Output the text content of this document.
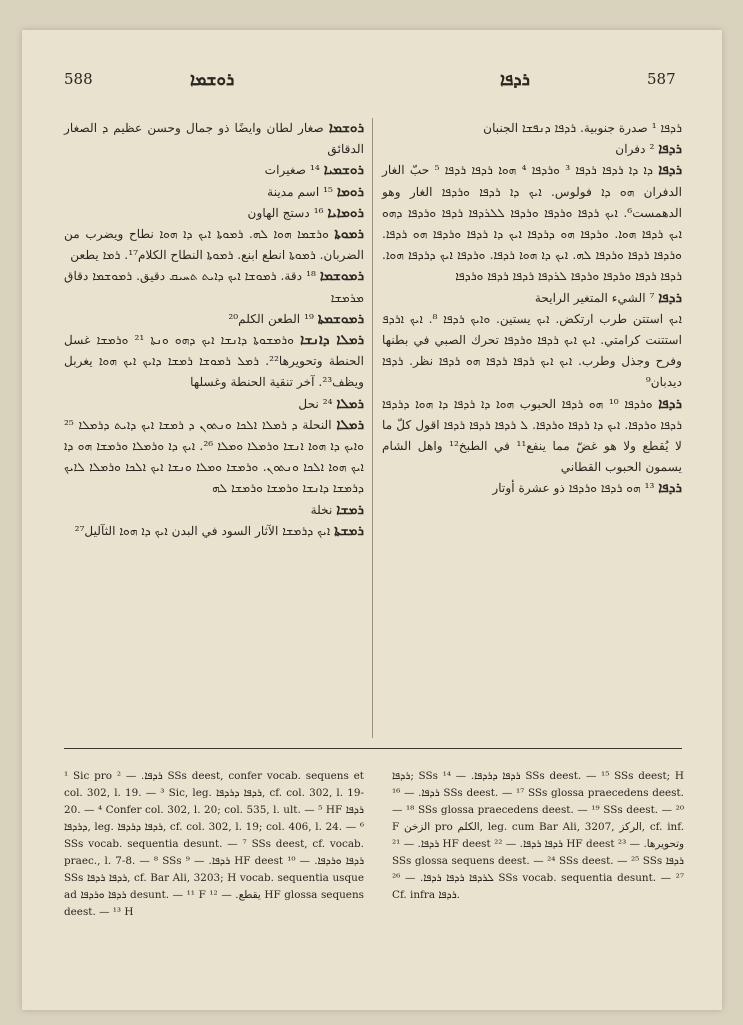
588	ܪܘܫܡܐ	ܪܕܦܐ	587

ܪܘܫܡܐ صغار لطان وايضًا ذو جمال وحسن عظيم ܕ الصغار الدقائق

ܪܘܫܡܝܐ ¹⁴ صغيرات

ܪܘܡܐ ¹⁵ اسم مدينة

ܪܘܡܐܝܐ ¹⁶ دستج الهاون

ܪܡܘܬܐ ܘܪܫܡܐ ܗܘܐ ܠܗ. ܪܡܘܬܐ ܐܝܟ ܕܐ ܗܘܐ نطاح ويضرب من الضربان. ܪܡܘܬܐ انطع ابنع. ܪܡܘܬܐ النطاح الكلام¹⁷. ܪܡܐ يطعن

ܪܡܘܫܡܐ ¹⁸ دقة. ܪܡܘܫܐ ܐܝܟ ܕܐܝܬ ܬܚܝܩ دقيق. ܪܡܘܫܡܐ دقاق ܡܪܡܫܐ

ܪܡܘܫܡܬܐ ¹⁹ الطعن الكلم²⁰

ܪܡܠܐ ܕܐܢܫܐ ܘܪܡܫܘܬܐ ܕܐܢܫܐ ܐܝܟ ܕܗܘ ܘܢܬܐ ²¹ ܘܪܡܫܐ غسل الحنطة وتحويرها²². ܪܡܠ ܪܡܘܫܐ ܪܡܫܐ ܕܐܝܟ ܐܝܟ ܗܘܐ يغربل ويظف²³. آخر تنقية الحنطة وغسلها

ܪܡܠܐ ²⁴ نحل

ܪܡܠܐ النحلة ܕ ܪܡܠܐ ܐܠܟܐ ܘܢܬܘܢ ܕ ܪܡܫܐ ܐܝܟ ܕܐܝܬ ܕܪܡܠܐ ²⁵ ܘܐܝܟ ܕܐ ܗܘܐ ܐܢܫܐ ܘܪܡܠܐ ܘܡܠܐ ²⁶. ܐܝܟ ܕܐ ܘܪܡܠܐ ܘܪܡܫܐ ܗܘ ܕܐ ܐܝܟ ܗܘܐ ܐܠܟܐ ܘܢܬܘܢ. ܘܪܡܫܐ ܘܡܠܐ ܘܢܫܐ ܐܝܟ ܐܠܟܐ ܘܪܡܠܐ ܠܐܝܟ ܕܪܡܫܐ ܕܐܢܫܐ ܘܪܡܫܐ ܘܪܡܫܐ ܠܗ

ܪܡܫܐ نخلة

ܪܡܫܬܐ ܐܝܟ ܕܪܡܫܐ الآثار السود في البدن ܐܝܟ ܕܐ ܗܘܐ الثآليل²⁷

ܪܕܦܐ ¹ صدرة جنوبية. ܪܕܦܐ ܕܢܦܫܐ الجنبان

ܪܕܦܐ ² دفران

ܪܕܦܐ ܕܐ ܕܐ ܪܕܦܐ ܪܕܦܐ ³ ܘܪܕܦܐ ⁴ ܗܘܐ ܪܕܦܐ ܪܕܦܐ ⁵ حبّ الغار الدفران ܗܘ ܕܐ فولوس. ܐܝܟ ܕܐ ܪܕܦܐ ܘܪܕܦܐ الغار وهو الدهمست⁶. ܐܝܟ ܪܕܦܐ ܘܪܕܦܐ ܘܪܕܦܐ ܠܠܪܕܦܐ ܪܕܦܐ ܘܪܕܦܐ ܕܗܘ ܐܝܟ ܪܕܦܐ ܗܘܐ. ܘܪܕܦܐ ܗܘ ܕܪܕܦܐ ܐܝܟ ܕܐ ܪܕܦܐ ܘܪܕܦܐ ܗܘ ܪܕܦܐ. ܘܪܕܦܐ ܪܕܦܐ ܘܪܕܦܐ ܠܗ. ܐܝܟ ܕܐ ܗܘܐ ܪܕܦܐ. ܘܪܕܦܐ ܐܝܟ ܕܪܕܦܐ ܗܘܐ. ܪܕܦܐ ܪܕܦܐ ܘܪܕܦܐ ܘܪܕܦܐ ܠܪܕܦܐ ܪܕܦܐ ܪܕܦܐ ܘܪܕܦܐ

ܪܕܦܐ ⁷ الشيء المتغير الرايحة

ܐܝܟ استتن طرب ارتكض. ܐܝܟ يستين. ܘܐܝܟ ܪܕܦܐ ⁸. ܐܝܟ ܐܪܕܦ استتنت كرامتي. ܐܝܟ ܐܝܟ ܪܕܦܐ ܘܪܕܦܐ تحرك الصبي في بطنها وفرح وجذل وطرب. ܐܝܟ ܐܝܟ ܪܕܦܐ ܪܕܦܐ ܗܘ ܪܕܦܐ نظر. ܪܕܦܐ ديدبان⁹

ܪܕܦܐ ܘܪܕܦܐ ¹⁰ ܗܘ ܪܕܦܐ الحبوب ܗܘܐ ܕܐ ܪܕܦܐ ܕܐ ܗܘܐ ܕܪܕܦܐ ܪܕܦܐ ܘܪܕܦܐ. ܐܝܟ ܕܐ ܪܕܦܐ ܘܪܕܦܐ. ܠ ܪܕܦܐ ܪܕܦܐ ܪܕܦܐ اقول كلّ ما لا يُقطع ولا هو غضّ مما ينفع¹¹ في الطبخ¹² واهل الشام يسمون الحبوب القطاني

ܪܕܦܐ ¹³ ܗܘ ܪܕܦܐ ܘܪܕܦܐ ذو عشرة أوتار

¹ Sic pro ܪܕܦܐ. — ² SSs deest, confer vocab. sequens et col. 302, l. 19. — ³ Sic, leg. ܪܕܦܐ ܕܪܕܦܐ, cf. col. 302, l. 19-20. — ⁴ Confer col. 302, l. 20; col. 535, l. ult. — ⁵ HF ܪܕܦܐ ܕܪܕܦܐ, leg. ܪܕܦܐ ܕܪܕܦܐ, cf. col. 302, l. 19; col. 406, l. 24. — ⁶ SSs vocab. sequentia desunt. — ⁷ SSs deest, cf. vocab. praec., l. 7-8. — ⁸ SSs ܪܕܦܐ. — ⁹ HF deest ܪܕܦܐ ܘܪܕܦܐ. — ¹⁰ SSs ܪܕܦܐ ܪܕܦܐ, cf. Bar Ali, 3203; H vocab. sequentia usque ad ܪܕܦܐ ܘܪܕܦܐ desunt. — ¹¹ F يقطع. — ¹² HF glossa sequens deest. — ¹³ H
ܪܕܦܐ; SSs ܪܕܦܐ ܕܪܕܦܐ. — ¹⁴ SSs deest. — ¹⁵ SSs deest; H ܪܕܦܐ. — ¹⁶ SSs deest. — ¹⁷ SSs glossa praecedens deest. — ¹⁸ SSs glossa praecedens deest. — ¹⁹ SSs deest. — ²⁰ F الزخن pro الكلم, leg. cum Bar Ali, 3207, الركز, cf. inf. ܪܕܦܐ. — ²¹ HF deest ܪܕܦܐ ܪܕܦܐ. — ²² HF deest وتحويرها. — ²³ SSs glossa sequens deest. — ²⁴ SSs deest. — ²⁵ SSs ܪܕܦܐ ܠܪܕܦܐ ܪܕܦܐ ܪܕܦܐ. — ²⁶ SSs vocab. sequentia desunt. — ²⁷ Cf. infra ܪܕܦܐ.
